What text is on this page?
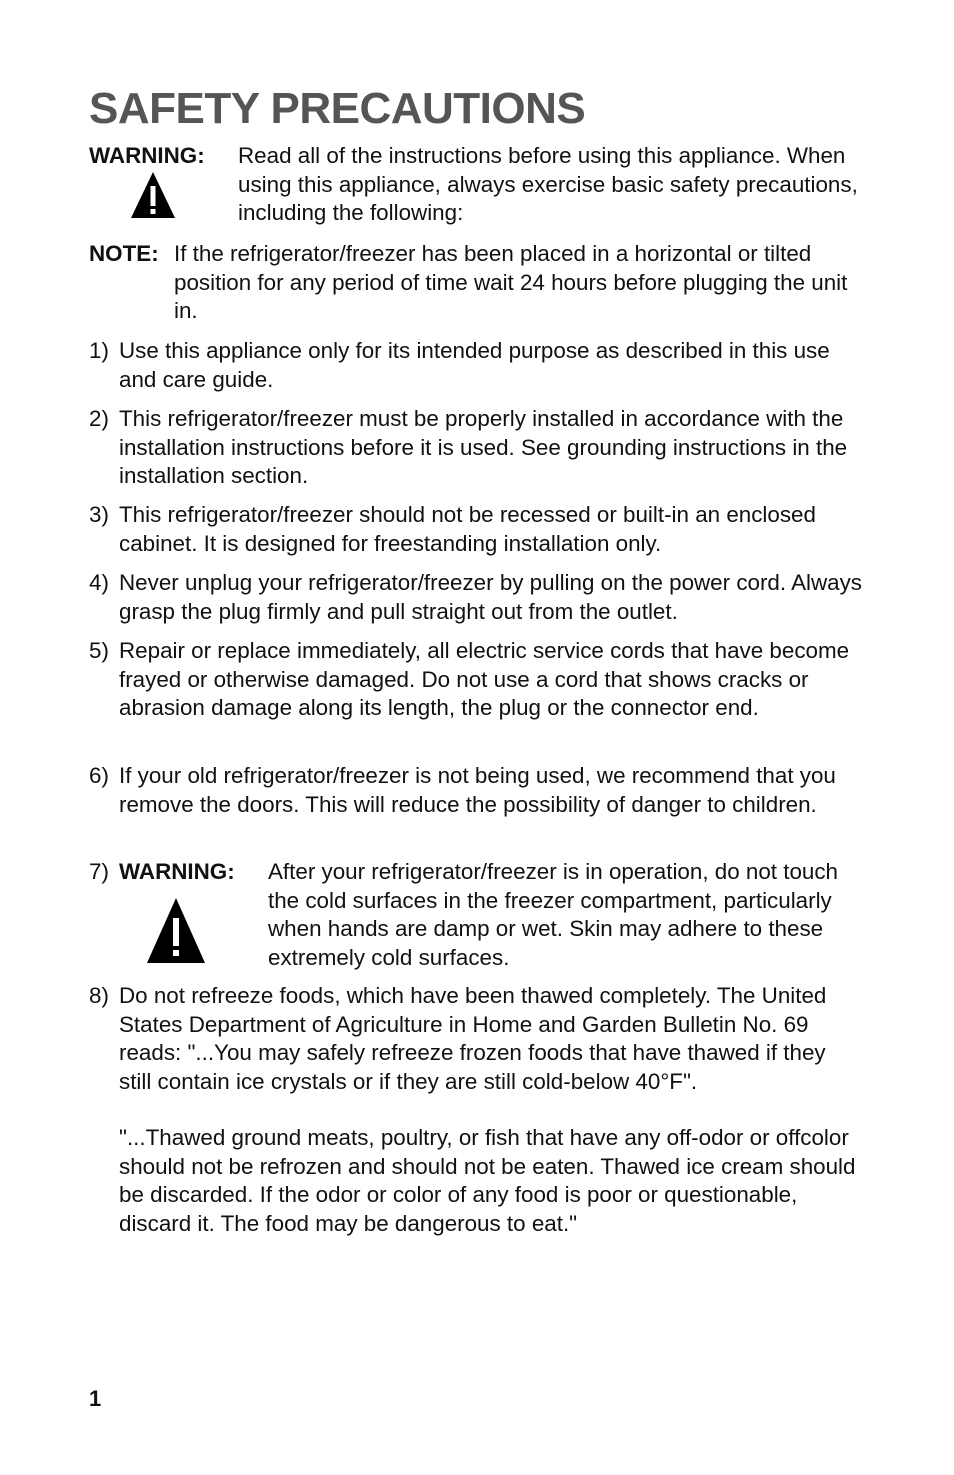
SAFETY PRECAUTIONS
WARNING: Read all of the instructions before using this appliance. When using this appliance, always exercise basic safety precautions, including the following:
NOTE: If the refrigerator/freezer has been placed in a horizontal or tilted position for any period of time wait 24 hours before plugging the unit in.
1) Use this appliance only for its intended purpose as described in this use and care guide.
2) This refrigerator/freezer must be properly installed in accordance with the installation instructions before it is used. See grounding instructions in the installation section.
3) This refrigerator/freezer should not be recessed or built-in an enclosed cabinet. It is designed for freestanding installation only.
4) Never unplug your refrigerator/freezer by pulling on the power cord. Always grasp the plug firmly and pull straight out from the outlet.
5) Repair or replace immediately, all electric service cords that have become frayed or otherwise damaged. Do not use a cord that shows cracks or abrasion damage along its length, the plug or the connector end.
6) If your old refrigerator/freezer is not being used, we recommend that you remove the doors. This will reduce the possibility of danger to children.
7) WARNING: After your refrigerator/freezer is in operation, do not touch the cold surfaces in the freezer compartment, particularly when hands are damp or wet. Skin may adhere to these extremely cold surfaces.
8) Do not refreeze foods, which have been thawed completely. The United States Department of Agriculture in Home and Garden Bulletin No. 69 reads: "...You may safely refreeze frozen foods that have thawed if they still contain ice crystals or if they are still cold-below 40°F".
"...Thawed ground meats, poultry, or fish that have any off-odor or offcolor should not be refrozen and should not be eaten. Thawed ice cream should be discarded. If the odor or color of any food is poor or questionable, discard it. The food may be dangerous to eat."
1
